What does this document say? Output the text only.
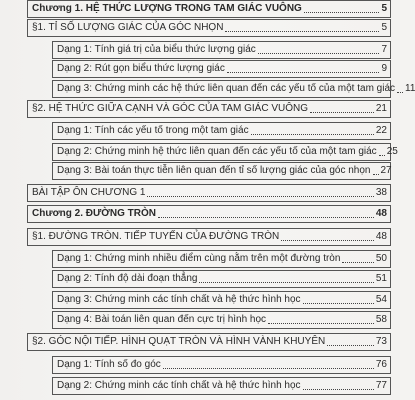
Chương 1. HỆ THỨC LƯỢNG TRONG TAM GIÁC VUÔNG	5
§1. TỈ SỐ LƯỢNG GIÁC CỦA GÓC NHỌN	5
Dạng 1: Tính giá trị của biểu thức lượng giác	7
Dạng 2: Rút gọn biểu thức lượng giác	9
Dạng 3: Chứng minh các hệ thức liên quan đến các yếu tố của một tam giác 11
§2. HỆ THỨC GIỮA CẠNH VÀ GÓC CỦA TAM GIÁC VUÔNG	21
Dạng 1: Tính các yếu tố trong một tam giác	22
Dạng 2: Chứng minh hệ thức liên quan đến các yếu tố của một tam giác 25
Dạng 3: Bài toán thực tiễn liên quan đến tỉ số lượng giác của góc nhọn 27
BÀI TẬP ÔN CHƯƠNG 1	38
Chương 2. ĐƯỜNG TRÒN	48
§1. ĐƯỜNG TRÒN. TIẾP TUYẾN CỦA ĐƯỜNG TRÒN	48
Dạng 1: Chứng minh nhiều điểm cùng nằm trên một đường tròn	50
Dạng 2: Tính độ dài đoạn thẳng	51
Dạng 3: Chứng minh các tính chất và hệ thức hình học	54
Dạng 4: Bài toán liên quan đến cực trị hình học	58
§2. GÓC NỘI TIẾP. HÌNH QUẠT TRÒN VÀ HÌNH VÀNH KHUYÊN	73
Dạng 1: Tính số đo góc	76
Dạng 2: Chứng minh các tính chất và hệ thức hình học	77
